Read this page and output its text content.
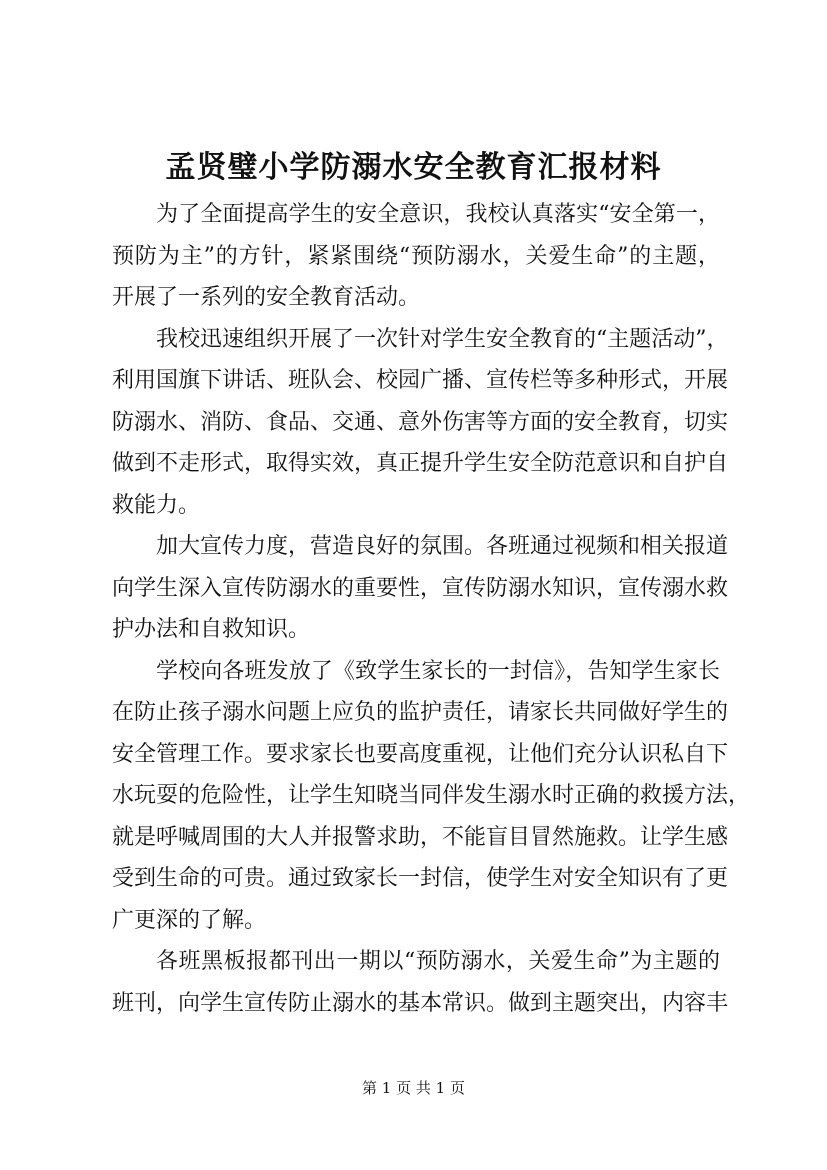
孟贤璧小学防溺水安全教育汇报材料

为了全面提高学生的安全意识，我校认真落实“安全第一，
预防为主”的方针，紧紧围绕“预防溺水，关爱生命”的主题，
开展了一系列的安全教育活动。

我校迅速组织开展了一次针对学生安全教育的“主题活动”，
利用国旗下讲话、班队会、校园广播、宣传栏等多种形式，开展
防溺水、消防、食品、交通、意外伤害等方面的安全教育，切实
做到不走形式，取得实效，真正提升学生安全防范意识和自护自
救能力。

加大宣传力度，营造良好的氛围。各班通过视频和相关报道
向学生深入宣传防溺水的重要性，宣传防溺水知识，宣传溺水救
护办法和自救知识。

学校向各班发放了《致学生家长的一封信》，告知学生家长
在防止孩子溺水问题上应负的监护责任，请家长共同做好学生的
安全管理工作。要求家长也要高度重视，让他们充分认识私自下
水玩耍的危险性，让学生知晓当同伴发生溺水时正确的救援方法，
就是呼喊周围的大人并报警求助，不能盲目冒然施救。让学生感
受到生命的可贵。通过致家长一封信，使学生对安全知识有了更
广更深的了解。

各班黑板报都刊出一期以“预防溺水，关爱生命”为主题的
班刊，向学生宣传防止溺水的基本常识。做到主题突出，内容丰

第 1 页 共 1 页
